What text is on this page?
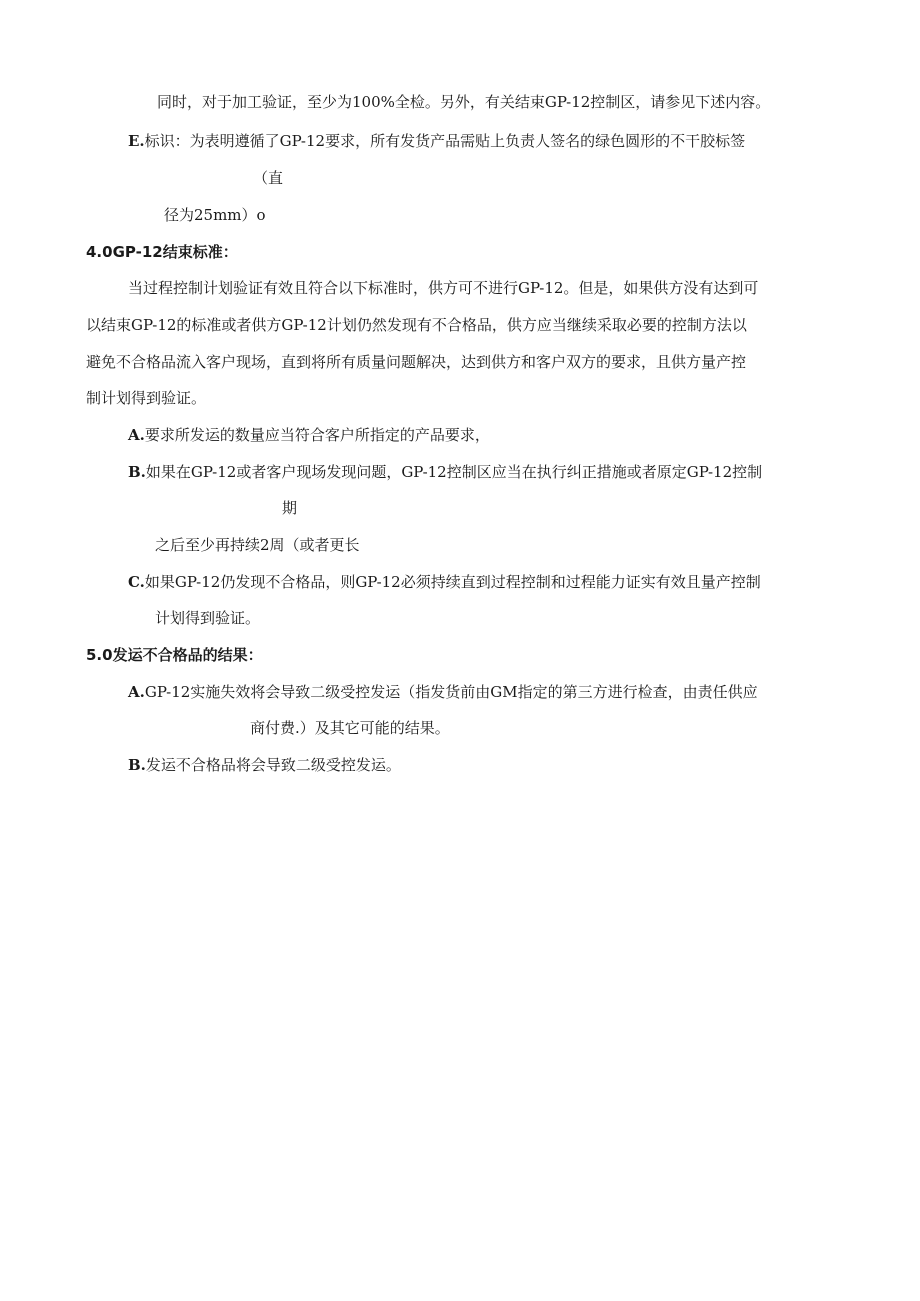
同时，对于加工验证，至少为100%全检。另外，有关结束GP-12控制区，请参见下述内容。

E.标识：为表明遵循了GP-12要求，所有发货产品需贴上负责人签名的绿色圆形的不干胶标签

（直

径为25mm）o

4.0GP-12结束标准：

当过程控制计划验证有效且符合以下标准时，供方可不进行GP-12。但是，如果供方没有达到可

以结束GP-12的标准或者供方GP-12计划仍然发现有不合格品，供方应当继续采取必要的控制方法以

避免不合格品流入客户现场，直到将所有质量问题解决，达到供方和客户双方的要求，且供方量产控

制计划得到验证。

A.要求所发运的数量应当符合客户所指定的产品要求，

B.如果在GP-12或者客户现场发现问题，GP-12控制区应当在执行纠正措施或者原定GP-12控制

期

之后至少再持续2周（或者更长

C.如果GP-12仍发现不合格品，则GP-12必须持续直到过程控制和过程能力证实有效且量产控制

计划得到验证。

5.0发运不合格品的结果：

A.GP-12实施失效将会导致二级受控发运（指发货前由GM指定的第三方进行检查，由责任供应

商付费.）及其它可能的结果。

B.发运不合格品将会导致二级受控发运。
